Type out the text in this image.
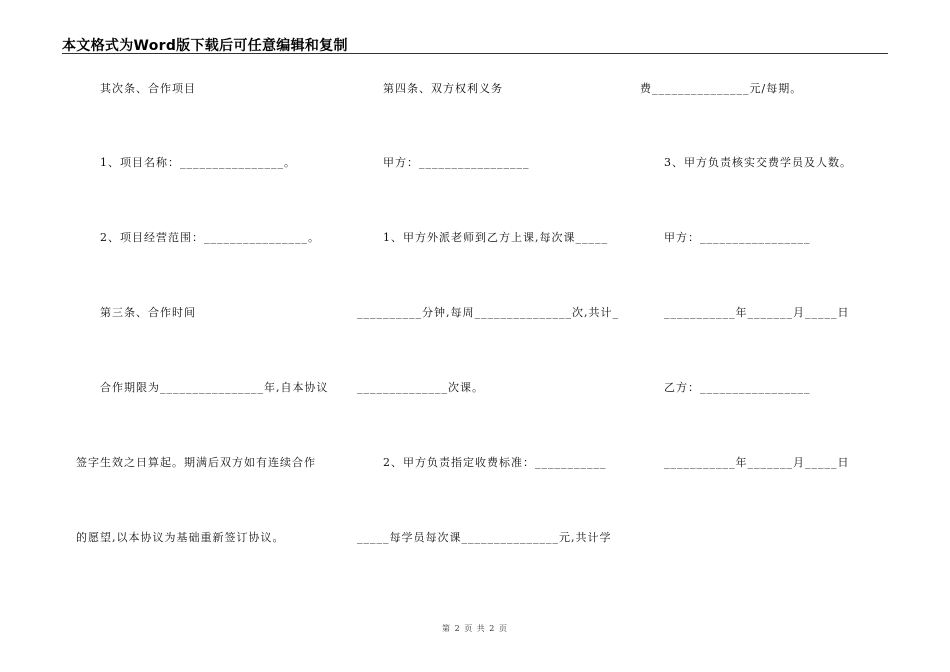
本文格式为Word版下载后可任意编辑和复制
其次条、合作项目
1、项目名称：________________。
2、项目经营范围：________________。
第三条、合作时间
合作期限为________________年,自本协议
签字生效之日算起。期满后双方如有连续合作
的愿望,以本协议为基础重新签订协议。
第四条、双方权利义务
甲方：_________________
1、甲方外派老师到乙方上课,每次课_____
__________分钟,每周_______________次,共计_
______________次课。
2、甲方负责指定收费标准：___________
_____每学员每次课_______________元,共计学
费_______________元/每期。
3、甲方负责核实交费学员及人数。
甲方：_________________
___________年_______月_____日
乙方：_________________
___________年_______月_____日
第 2 页 共 2 页
